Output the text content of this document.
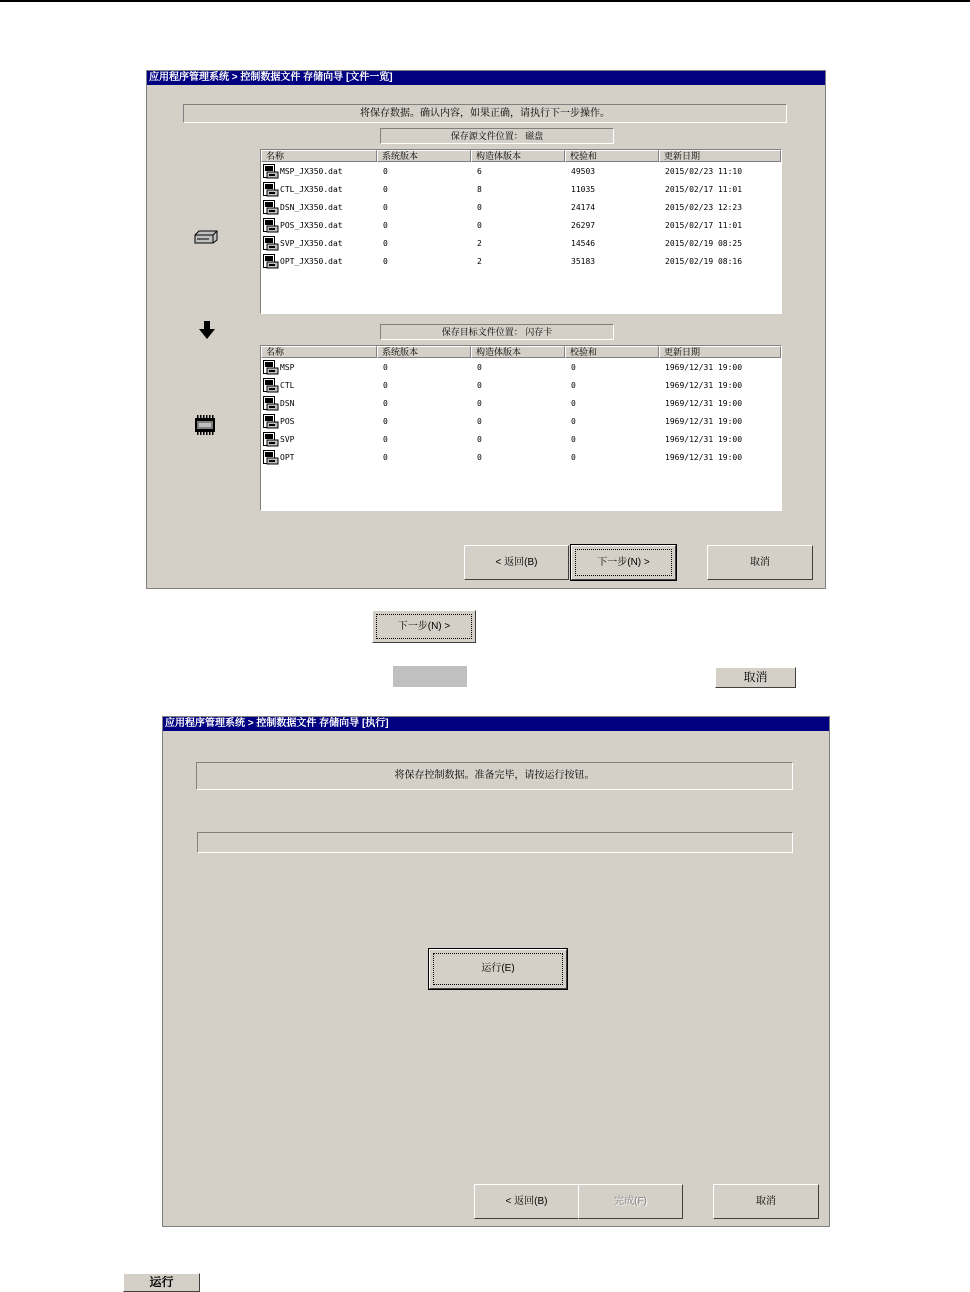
应用程序管理系统 > 控制数据文件 存储向导 [文件一览]
将保存数据。确认内容，如果正确，请执行下一步操作。
保存源文件位置： 磁盘
名称	系统版本	构造体版本	校验和	更新日期
MSP_JX350.dat	0	6	49503	2015/02/23 11:10
CTL_JX350.dat	0	8	11035	2015/02/17 11:01
DSN_JX350.dat	0	0	24174	2015/02/23 12:23
POS_JX350.dat	0	0	26297	2015/02/17 11:01
SVP_JX350.dat	0	2	14546	2015/02/19 08:25
OPT_JX350.dat	0	2	35183	2015/02/19 08:16
保存目标文件位置： 闪存卡
名称	系统版本	构造体版本	校验和	更新日期
MSP	0	0	0	1969/12/31 19:00
CTL	0	0	0	1969/12/31 19:00
DSN	0	0	0	1969/12/31 19:00
POS	0	0	0	1969/12/31 19:00
SVP	0	0	0	1969/12/31 19:00
OPT	0	0	0	1969/12/31 19:00
< 返回(B)	下一步(N) >	取消
下一步(N) >
取消
应用程序管理系统 > 控制数据文件 存储向导 [执行]
将保存控制数据。准备完毕，请按运行按钮。
运行(E)
< 返回(B)	完成(F)	取消
运行
